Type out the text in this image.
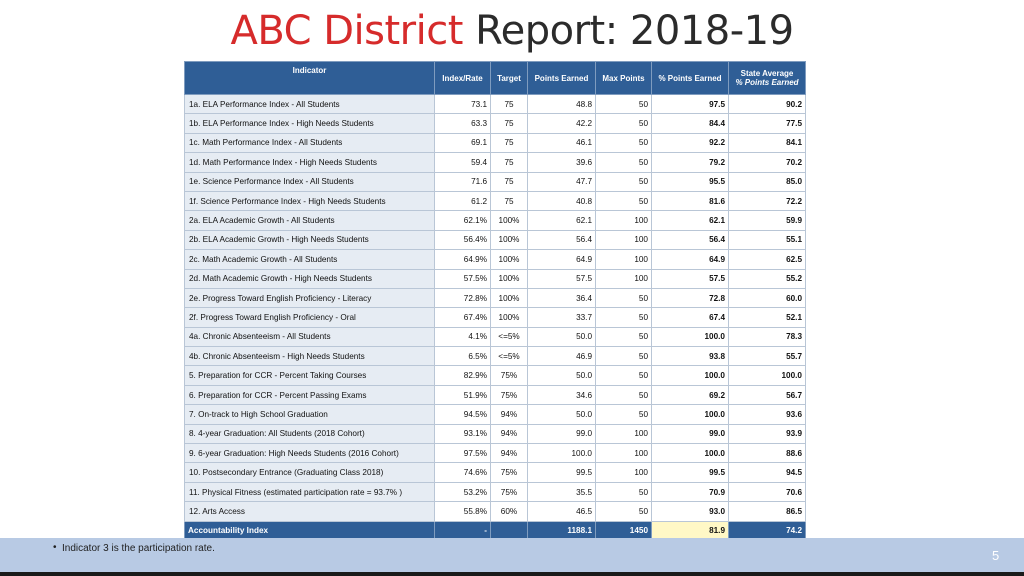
ABC District Report: 2018-19
Indicator	Index/Rate	Target	Points Earned	Max Points	% Points Earned	State Average
% Points Earned

1a. ELA Performance Index - All Students	73.1	75	48.8	50	97.5	90.2
1b. ELA Performance Index - High Needs Students	63.3	75	42.2	50	84.4	77.5
1c. Math Performance Index - All Students	69.1	75	46.1	50	92.2	84.1
1d. Math Performance Index - High Needs Students	59.4	75	39.6	50	79.2	70.2
1e. Science Performance Index - All Students	71.6	75	47.7	50	95.5	85.0
1f. Science Performance Index - High Needs Students	61.2	75	40.8	50	81.6	72.2
2a. ELA Academic Growth - All Students	62.1%	100%	62.1	100	62.1	59.9
2b. ELA Academic Growth - High Needs Students	56.4%	100%	56.4	100	56.4	55.1
2c. Math Academic Growth - All Students	64.9%	100%	64.9	100	64.9	62.5
2d. Math Academic Growth - High Needs Students	57.5%	100%	57.5	100	57.5	55.2
2e. Progress Toward English Proficiency - Literacy	72.8%	100%	36.4	50	72.8	60.0
2f. Progress Toward English Proficiency - Oral	67.4%	100%	33.7	50	67.4	52.1
4a. Chronic Absenteeism - All Students	4.1%	<=5%	50.0	50	100.0	78.3
4b. Chronic Absenteeism - High Needs Students	6.5%	<=5%	46.9	50	93.8	55.7
5. Preparation for CCR - Percent Taking Courses	82.9%	75%	50.0	50	100.0	100.0
6. Preparation for CCR - Percent Passing Exams	51.9%	75%	34.6	50	69.2	56.7
7. On-track to High School Graduation	94.5%	94%	50.0	50	100.0	93.6
8. 4-year Graduation: All Students (2018 Cohort)	93.1%	94%	99.0	100	99.0	93.9
9. 6-year Graduation: High Needs Students (2016 Cohort)	97.5%	94%	100.0	100	100.0	88.6
10. Postsecondary Entrance (Graduating Class 2018)	74.6%	75%	99.5	100	99.5	94.5
11. Physical Fitness (estimated participation rate = 93.7% )	53.2%	75%	35.5	50	70.9	70.6
12. Arts Access	55.8%	60%	46.5	50	93.0	86.5
Accountability Index	-		1188.1	1450	81.9	74.2
• Indicator 3 is the participation rate.	5
